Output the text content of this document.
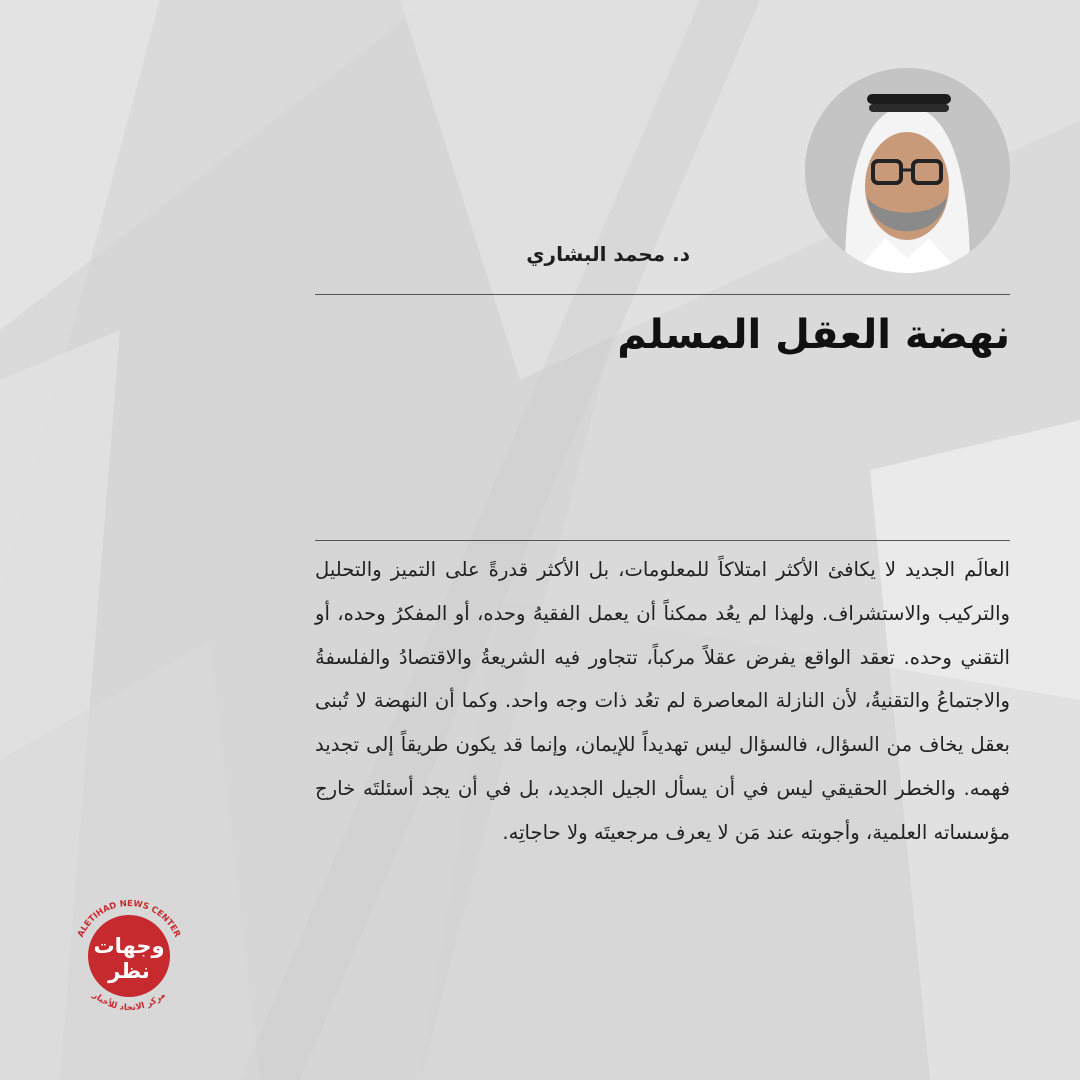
د. محمد البشاري
نهضة العقل المسلم

العالَم الجديد لا يكافئ الأكثر امتلاكاً للمعلومات، بل الأكثر قدرةً على التميز والتحليل والتركيب والاستشراف. ولهذا لم يعُد ممكناً أن يعمل الفقيهُ وحده، أو المفكرُ وحده، أو التقني وحده. تعقد الواقع يفرض عقلاً مركباً، تتجاور فيه الشريعةُ والاقتصادُ والفلسفةُ والاجتماعُ والتقنيةُ، لأن النازلة المعاصرة لم تعُد ذات وجه واحد. وكما أن النهضة لا تُبنى بعقل يخاف من السؤال، فالسؤال ليس تهديداً للإيمان، وإنما قد يكون طريقاً إلى تجديد فهمه. والخطر الحقيقي ليس في أن يسأل الجيل الجديد، بل في أن يجد أسئلتَه خارج مؤسساته العلمية، وأجوبته عند مَن لا يعرف مرجعيتَه ولا حاجاتِه.

ALETIHAD NEWS CENTER
مركز الاتحاد للأخبار
وجهات
نظر
